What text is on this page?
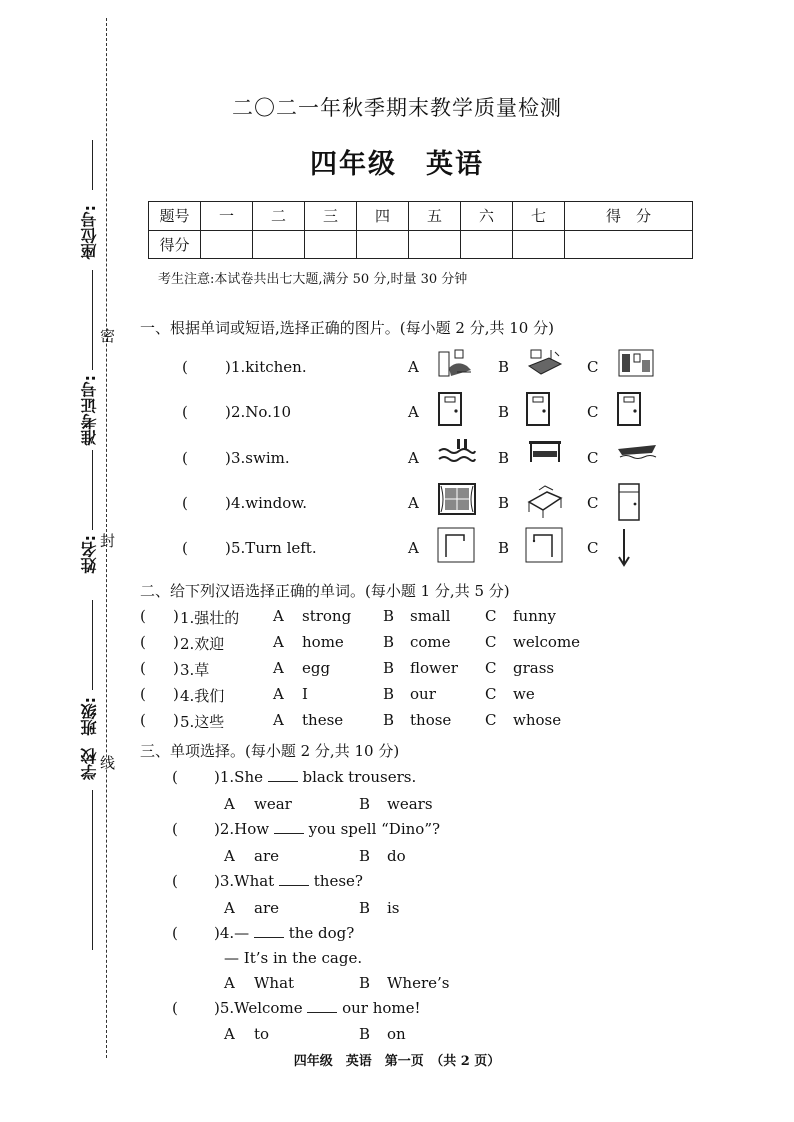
座位号:
准考证号:
姓名:
班级:
学校
密
封
线
二〇二一年秋季期末教学质量检测
四年级　英语
题号	一	二	三	四	五	六	七	得　分
得分								
考生注意:本试卷共出七大题,满分 50 分,时量 30 分钟
一、根据单词或短语,选择正确的图片。(每小题 2 分,共 10 分)
( ) 1.kitchen.	A	B	C
( ) 2.No.10	A	B	C
( ) 3.swim.	A	B	C
( ) 4.window.	A	B	C
( ) 5.Turn left.	A	B	C
二、给下列汉语选择正确的单词。(每小题 1 分,共 5 分)
( ) 1.强壮的 A strong B small C funny
( ) 2.欢迎	A home	B come C welcome
( ) 3.草	A egg	B flower C grass
( ) 4.我们	A I	B our	C we
( ) 5.这些	A these	B those C whose
三、单项选择。(每小题 2 分,共 10 分)
( )1.She  black trousers.
A wear	B wears
( )2.How  you spell “Dino”?
A are	B do
( )3.What  these?
A are	B is
( )4.—  the dog?
— It’s in the cage.
A What	B Where’s
( )5.Welcome  our home!
A to	B on
四年级　英语　第一页　（共 2 页）
